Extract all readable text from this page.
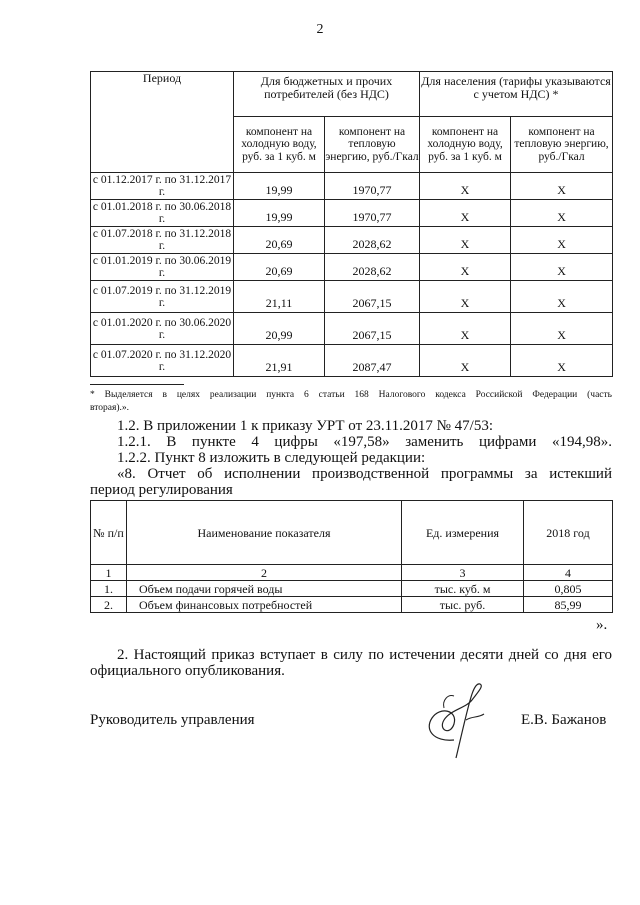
2
Период	Для бюджетных и прочих потребителей (без НДС)		Для населения (тарифы указываются с учетом НДС) *	
	компонент на холодную воду, руб. за 1 куб. м	компонент на тепловую энергию, руб./Гкал	компонент на холодную воду, руб. за 1 куб. м	компонент на тепловую энергию, руб./Гкал
с 01.12.2017 г. по 31.12.2017 г.	19,99	1970,77	Х	Х
с 01.01.2018 г. по 30.06.2018 г.	19,99	1970,77	Х	Х
с 01.07.2018 г. по 31.12.2018 г.	20,69	2028,62	Х	Х
с 01.01.2019 г. по 30.06.2019 г.	20,69	2028,62	Х	Х
с 01.07.2019 г. по 31.12.2019 г.	21,11	2067,15	Х	Х
с 01.01.2020 г. по 30.06.2020 г.	20,99	2067,15	Х	Х
с 01.07.2020 г. по 31.12.2020 г.	21,91	2087,47	Х	Х
* Выделяется в целях реализации пункта 6 статьи 168 Налогового кодекса Российской Федерации (часть
вторая).».
1.2. В приложении 1 к приказу УРТ от 23.11.2017 № 47/53:
1.2.1. В пункте 4 цифры «197,58» заменить цифрами «194,98».
1.2.2. Пункт 8 изложить в следующей редакции:
«8. Отчет об исполнении производственной программы за истекший
период регулирования
№ п/п	Наименование показателя	Ед. измерения	2018 год
1	2	3	4
1.	Объем подачи горячей воды	тыс. куб. м	0,805
2.	Объем финансовых потребностей	тыс. руб.	85,99
».
2. Настоящий приказ вступает в силу по истечении десяти дней со дня его
официального опубликования.
Руководитель управления	Е.В. Бажанов
